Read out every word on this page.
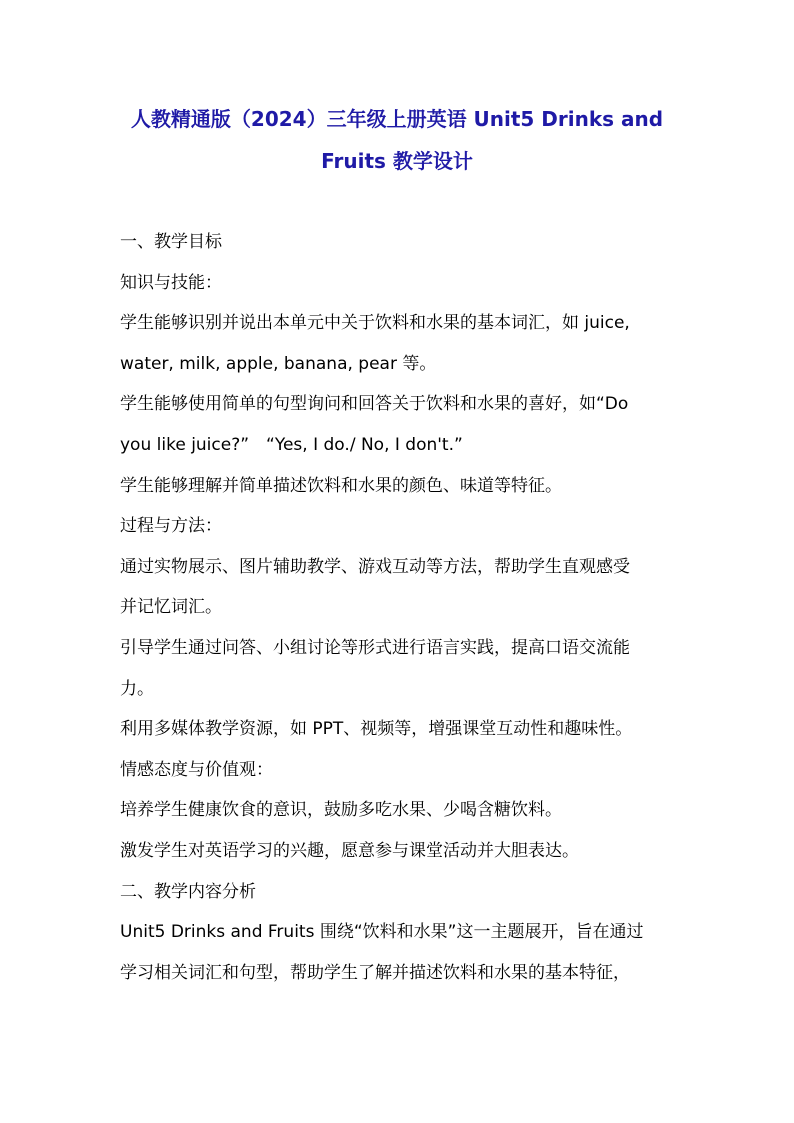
人教精通版（2024）三年级上册英语 Unit5 Drinks and
Fruits 教学设计

一、教学目标

知识与技能：

学生能够识别并说出本单元中关于饮料和水果的基本词汇，如 juice,

water, milk, apple, banana, pear 等。

学生能够使用简单的句型询问和回答关于饮料和水果的喜好，如“Do

you like juice?”　“Yes, I do./ No, I don't.”

学生能够理解并简单描述饮料和水果的颜色、味道等特征。

过程与方法：

通过实物展示、图片辅助教学、游戏互动等方法，帮助学生直观感受

并记忆词汇。

引导学生通过问答、小组讨论等形式进行语言实践，提高口语交流能

力。

利用多媒体教学资源，如 PPT、视频等，增强课堂互动性和趣味性。

情感态度与价值观：

培养学生健康饮食的意识，鼓励多吃水果、少喝含糖饮料。

激发学生对英语学习的兴趣，愿意参与课堂活动并大胆表达。

二、教学内容分析

Unit5 Drinks and Fruits 围绕“饮料和水果”这一主题展开，旨在通过

学习相关词汇和句型，帮助学生了解并描述饮料和水果的基本特征，
